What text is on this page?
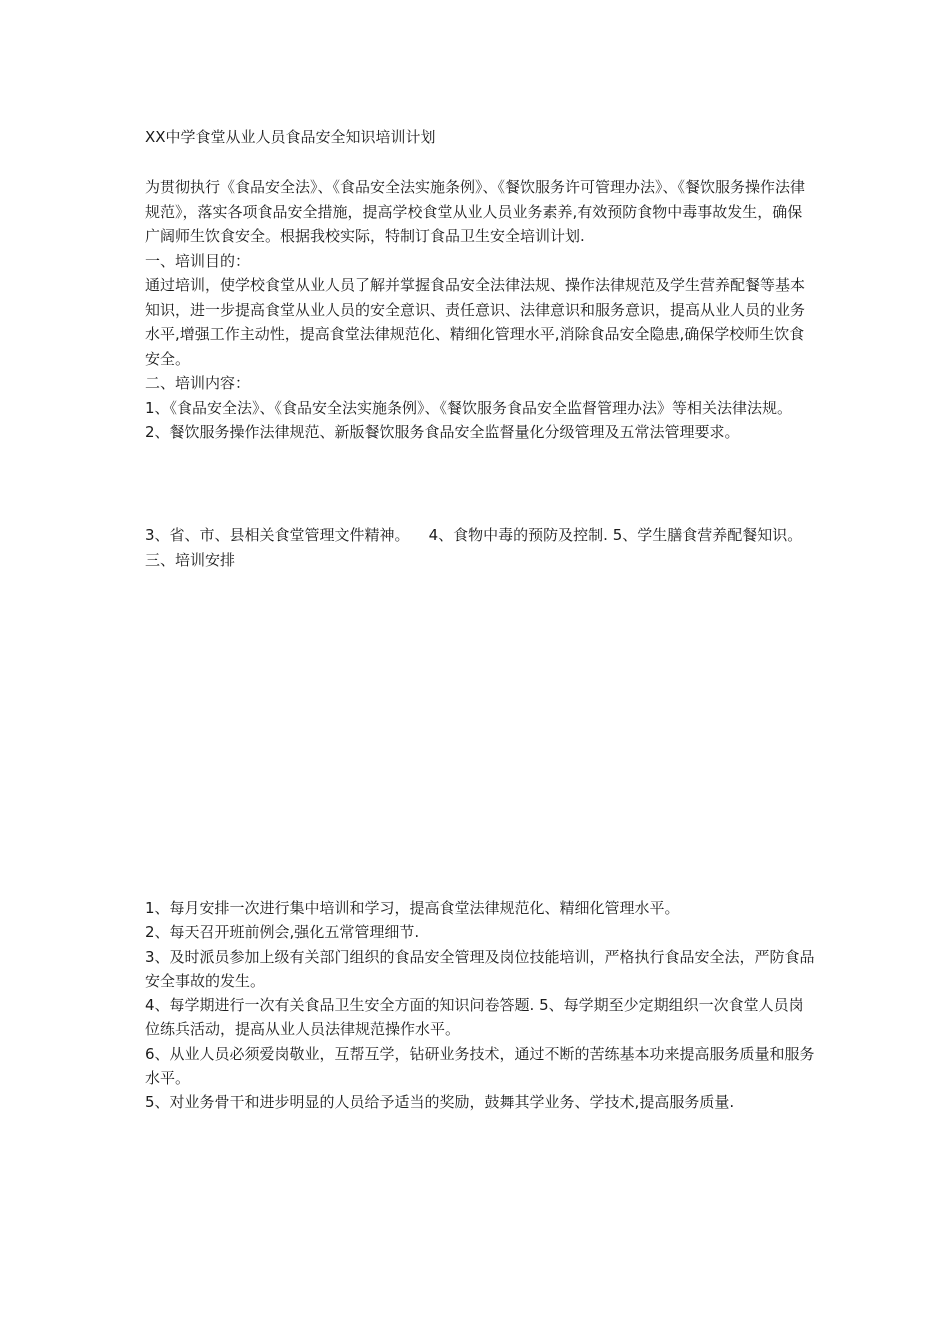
XX中学食堂从业人员食品安全知识培训计划

为贯彻执行《食品安全法》、《食品安全法实施条例》、《餐饮服务许可管理办法》、《餐饮服务操作法律规范》，落实各项食品安全措施，提高学校食堂从业人员业务素养,有效预防食物中毒事故发生，确保广阔师生饮食安全。根据我校实际，特制订食品卫生安全培训计划.

一、培训目的：

通过培训，使学校食堂从业人员了解并掌握食品安全法律法规、操作法律规范及学生营养配餐等基本知识，进一步提高食堂从业人员的安全意识、责任意识、法律意识和服务意识，提高从业人员的业务水平,增强工作主动性，提高食堂法律规范化、精细化管理水平,消除食品安全隐患,确保学校师生饮食安全。

二、培训内容：

1、《食品安全法》、《食品安全法实施条例》、《餐饮服务食品安全监督管理办法》等相关法律法规。

2、餐饮服务操作法律规范、新版餐饮服务食品安全监督量化分级管理及五常法管理要求。

3、省、市、县相关食堂管理文件精神。    4、食物中毒的预防及控制. 5、学生膳食营养配餐知识。    三、培训安排

1、每月安排一次进行集中培训和学习，提高食堂法律规范化、精细化管理水平。

2、每天召开班前例会,强化五常管理细节.

3、及时派员参加上级有关部门组织的食品安全管理及岗位技能培训，严格执行食品安全法，严防食品安全事故的发生。

4、每学期进行一次有关食品卫生安全方面的知识问卷答题. 5、每学期至少定期组织一次食堂人员岗位练兵活动，提高从业人员法律规范操作水平。

6、从业人员必须爱岗敬业，互帮互学，钻研业务技术，通过不断的苦练基本功来提高服务质量和服务水平。

5、对业务骨干和进步明显的人员给予适当的奖励，鼓舞其学业务、学技术,提高服务质量.
